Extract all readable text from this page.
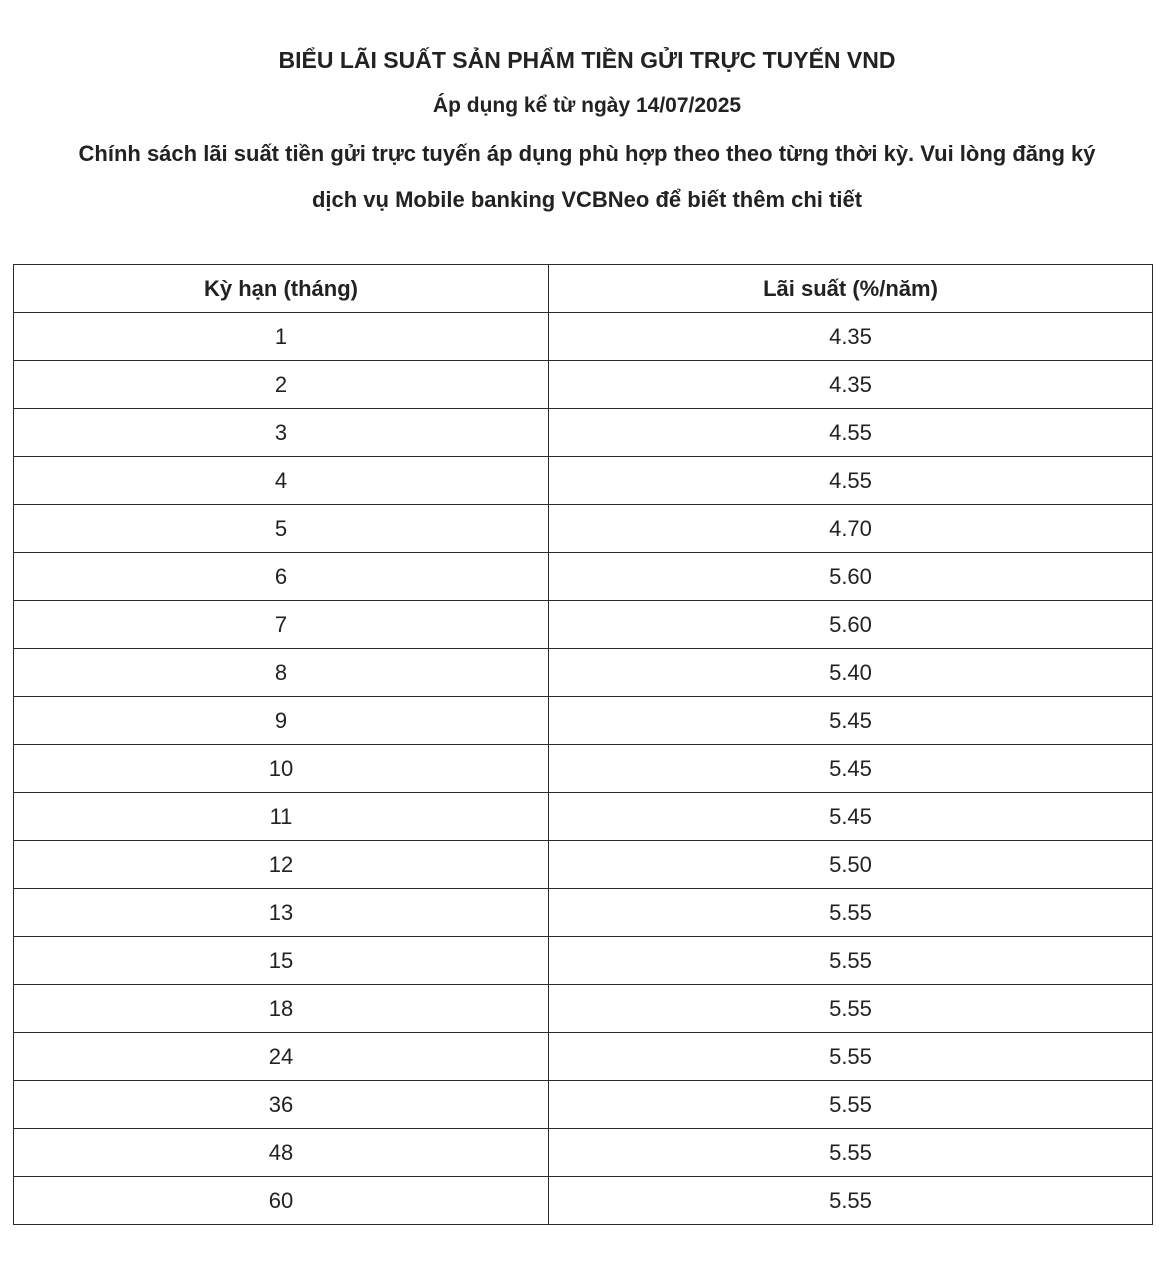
BIỂU LÃI SUẤT SẢN PHẨM TIỀN GỬI TRỰC TUYẾN VND
Áp dụng kể từ ngày 14/07/2025
Chính sách lãi suất tiền gửi trực tuyến áp dụng phù hợp theo theo từng thời kỳ. Vui lòng đăng ký
dịch vụ Mobile banking VCBNeo để biết thêm chi tiết
Kỳ hạn (tháng)	Lãi suất (%/năm)
1	4.35
2	4.35
3	4.55
4	4.55
5	4.70
6	5.60
7	5.60
8	5.40
9	5.45
10	5.45
11	5.45
12	5.50
13	5.55
15	5.55
18	5.55
24	5.55
36	5.55
48	5.55
60	5.55
